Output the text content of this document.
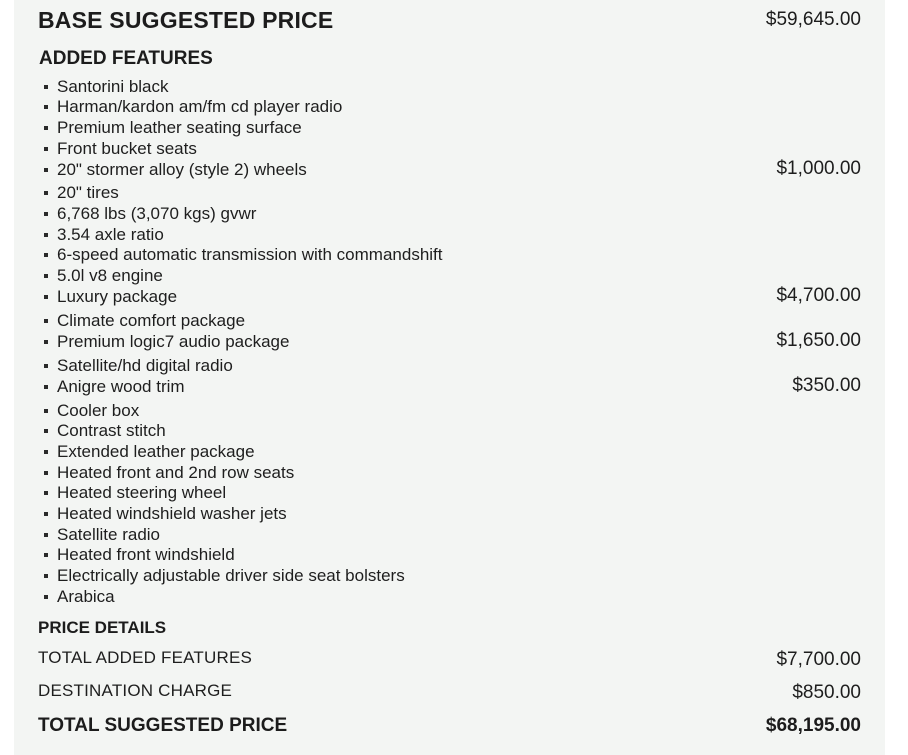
BASE SUGGESTED PRICE	$59,645.00
ADDED FEATURES
Santorini black
Harman/kardon am/fm cd player radio
Premium leather seating surface
Front bucket seats
20" stormer alloy (style 2) wheels	$1,000.00
20" tires
6,768 lbs (3,070 kgs) gvwr
3.54 axle ratio
6-speed automatic transmission with commandshift
5.0l v8 engine
Luxury package	$4,700.00
Climate comfort package
Premium logic7 audio package	$1,650.00
Satellite/hd digital radio
Anigre wood trim	$350.00
Cooler box
Contrast stitch
Extended leather package
Heated front and 2nd row seats
Heated steering wheel
Heated windshield washer jets
Satellite radio
Heated front windshield
Electrically adjustable driver side seat bolsters
Arabica
PRICE DETAILS
TOTAL ADDED FEATURES	$7,700.00
DESTINATION CHARGE	$850.00
TOTAL SUGGESTED PRICE	$68,195.00
